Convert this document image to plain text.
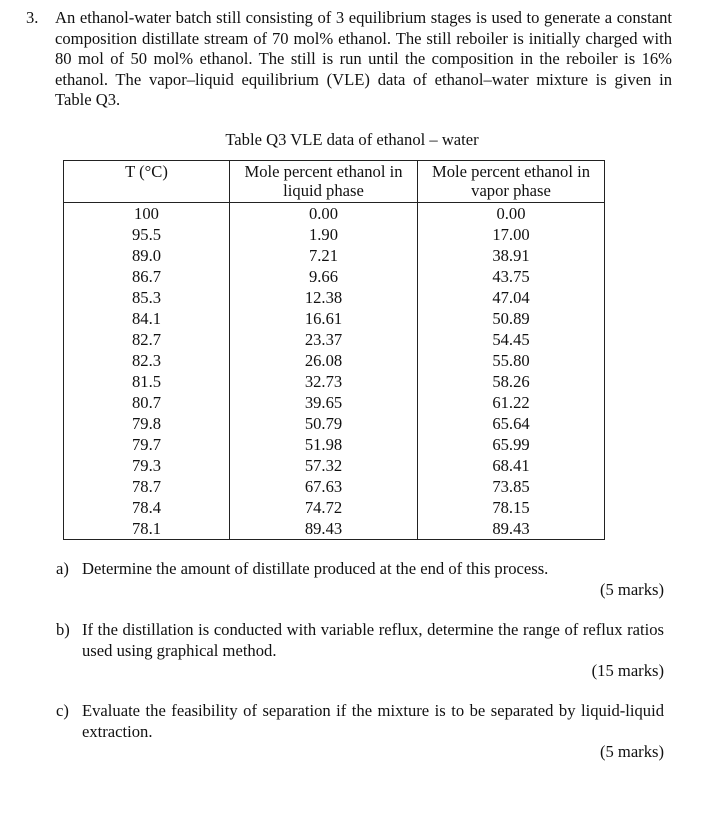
3. An ethanol-water batch still consisting of 3 equilibrium stages is used to generate a constant composition distillate stream of 70 mol% ethanol. The still reboiler is initially charged with 80 mol of 50 mol% ethanol. The still is run until the composition in the reboiler is 16% ethanol. The vapor–liquid equilibrium (VLE) data of ethanol–water mixture is given in Table Q3.
Table Q3 VLE data of ethanol – water
T (°C)	Mole percent ethanol in liquid phase	Mole percent ethanol in vapor phase
100	0.00	0.00
95.5	1.90	17.00
89.0	7.21	38.91
86.7	9.66	43.75
85.3	12.38	47.04
84.1	16.61	50.89
82.7	23.37	54.45
82.3	26.08	55.80
81.5	32.73	58.26
80.7	39.65	61.22
79.8	50.79	65.64
79.7	51.98	65.99
79.3	57.32	68.41
78.7	67.63	73.85
78.4	74.72	78.15
78.1	89.43	89.43
a) Determine the amount of distillate produced at the end of this process.
(5 marks)
b) If the distillation is conducted with variable reflux, determine the range of reflux ratios used using graphical method.
(15 marks)
c) Evaluate the feasibility of separation if the mixture is to be separated by liquid-liquid extraction.
(5 marks)
